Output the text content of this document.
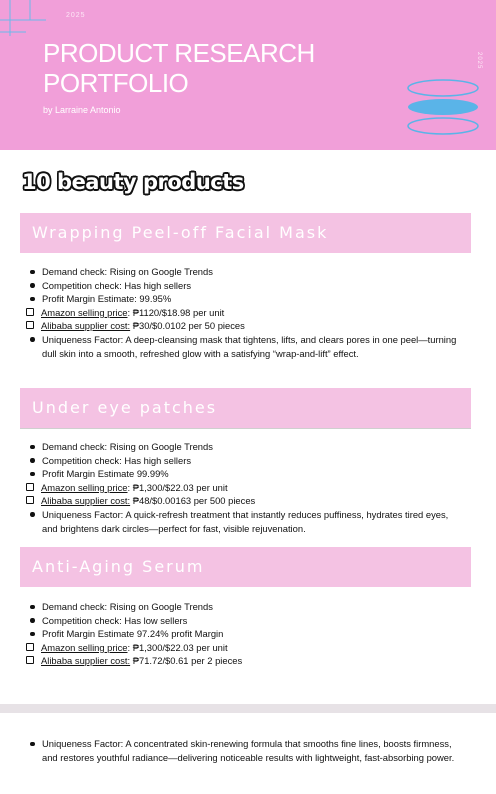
2025
PRODUCT RESEARCH PORTFOLIO
by Larraine Antonio
2025
10 beauty products
Wrapping Peel-off Facial Mask
Demand check: Rising on Google Trends
Competition check: Has high sellers
Profit Margin Estimate: 99.95%
Amazon selling price: ₱1120/$18.98 per unit
Alibaba supplier cost: ₱30/$0.0102 per 50 pieces
Uniqueness Factor: A deep-cleansing mask that tightens, lifts, and clears pores in one peel—turning dull skin into a smooth, refreshed glow with a satisfying “wrap-and-lift” effect.
Under eye patches
Demand check: Rising on Google Trends
Competition check: Has high sellers
Profit Margin Estimate 99.99%
Amazon selling price: ₱1,300/$22.03 per unit
Alibaba supplier cost: ₱48/$0.00163 per 500 pieces
Uniqueness Factor: A quick-refresh treatment that instantly reduces puffiness, hydrates tired eyes, and brightens dark circles—perfect for fast, visible rejuvenation.
Anti-Aging Serum
Demand check: Rising on Google Trends
Competition check: Has low sellers
Profit Margin Estimate 97.24% profit Margin
Amazon selling price: ₱1,300/$22.03 per unit
Alibaba supplier cost: ₱71.72/$0.61 per 2 pieces
Uniqueness Factor: A concentrated skin-renewing formula that smooths fine lines, boosts firmness, and restores youthful radiance—delivering noticeable results with lightweight, fast-absorbing power.
